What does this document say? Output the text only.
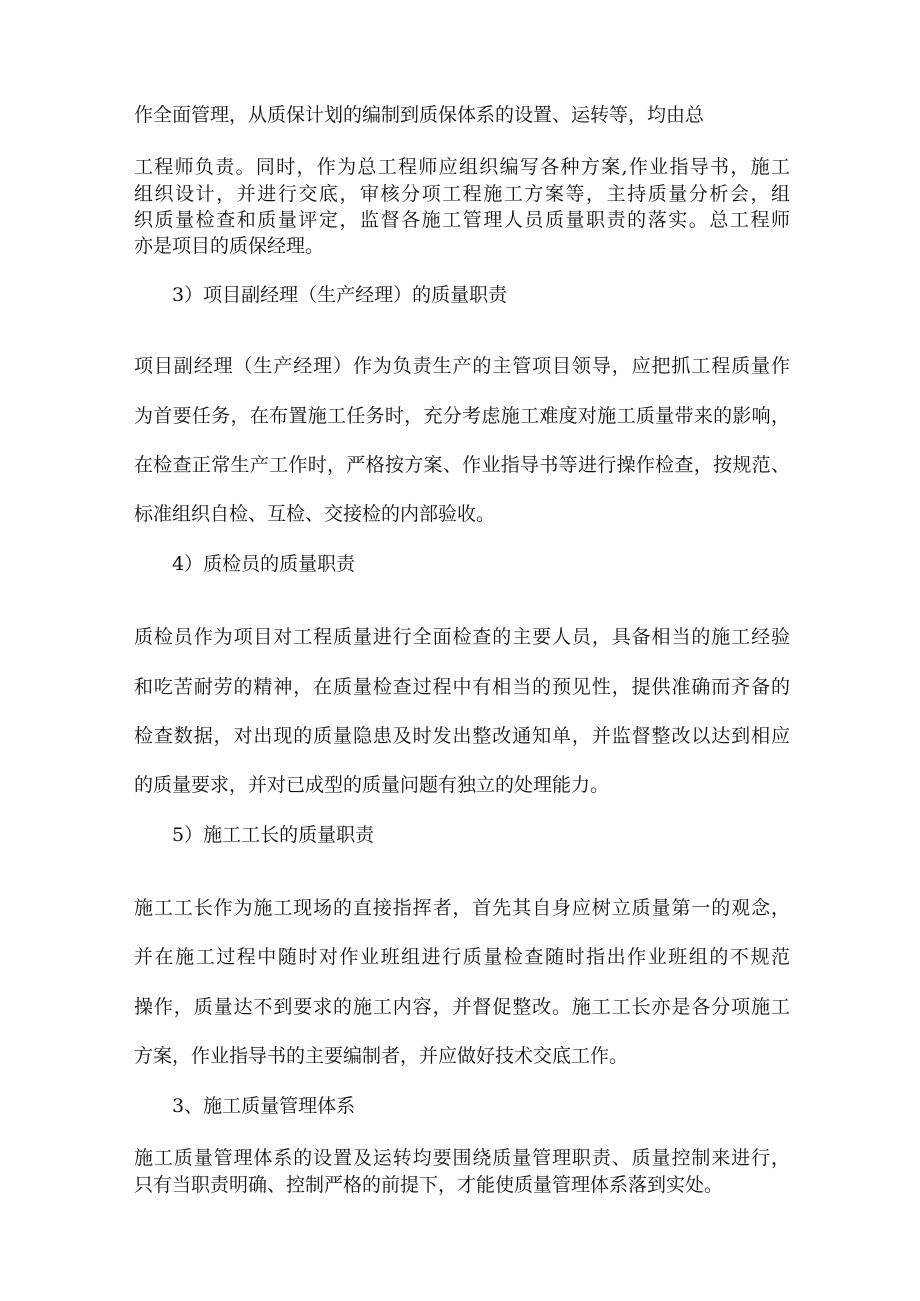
作全面管理，从质保计划的编制到质保体系的设置、运转等，均由总
工程师负责。同时，作为总工程师应组织编写各种方案,作业指导书，施工
组织设计，并进行交底，审核分项工程施工方案等，主持质量分析会，组
织质量检查和质量评定，监督各施工管理人员质量职责的落实。总工程师
亦是项目的质保经理。
3）项目副经理（生产经理）的质量职责
项目副经理（生产经理）作为负责生产的主管项目领导，应把抓工程质量作
为首要任务，在布置施工任务时，充分考虑施工难度对施工质量带来的影响，
在检查正常生产工作时，严格按方案、作业指导书等进行操作检查，按规范、
标准组织自检、互检、交接检的内部验收。
4）质检员的质量职责
质检员作为项目对工程质量进行全面检查的主要人员，具备相当的施工经验
和吃苦耐劳的精神，在质量检查过程中有相当的预见性，提供准确而齐备的
检查数据，对出现的质量隐患及时发出整改通知单，并监督整改以达到相应
的质量要求，并对已成型的质量问题有独立的处理能力。
5）施工工长的质量职责
施工工长作为施工现场的直接指挥者，首先其自身应树立质量第一的观念，
并在施工过程中随时对作业班组进行质量检查随时指出作业班组的不规范
操作，质量达不到要求的施工内容，并督促整改。施工工长亦是各分项施工
方案，作业指导书的主要编制者，并应做好技术交底工作。
3、施工质量管理体系
施工质量管理体系的设置及运转均要围绕质量管理职责、质量控制来进行，
只有当职责明确、控制严格的前提下，才能使质量管理体系落到实处。
